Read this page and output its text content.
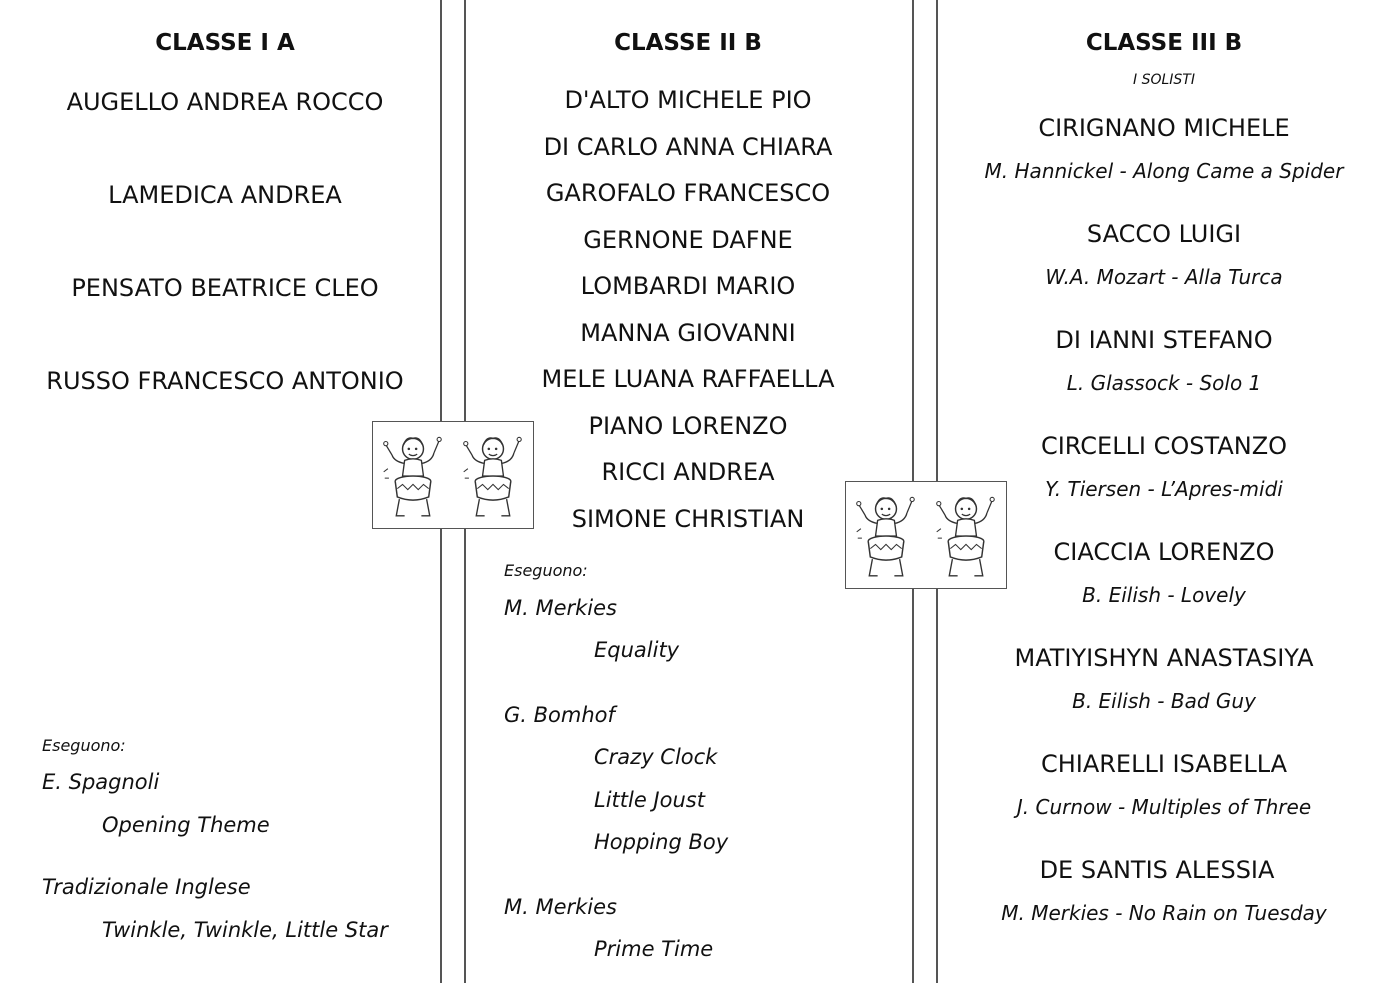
CLASSE I A
AUGELLO ANDREA ROCCO
LAMEDICA ANDREA
PENSATO BEATRICE CLEO
RUSSO FRANCESCO ANTONIO
Eseguono:
E. Spagnoli
Opening Theme
Tradizionale Inglese
Twinkle, Twinkle, Little Star
CLASSE II B
D'ALTO MICHELE PIO
DI CARLO ANNA CHIARA
GAROFALO FRANCESCO
GERNONE DAFNE
LOMBARDI MARIO
MANNA GIOVANNI
MELE LUANA RAFFAELLA
PIANO LORENZO
RICCI ANDREA
SIMONE CHRISTIAN
Eseguono:
M. Merkies
Equality
G. Bomhof
Crazy Clock
Little Joust
Hopping Boy
M. Merkies
Prime Time
CLASSE III B
I SOLISTI
CIRIGNANO MICHELE
M. Hannickel - Along Came a Spider
SACCO LUIGI
W.A. Mozart - Alla Turca
DI IANNI STEFANO
L. Glassock - Solo 1
CIRCELLI COSTANZO
Y. Tiersen - L’Apres-midi
CIACCIA LORENZO
B. Eilish - Lovely
MATIYISHYN ANASTASIYA
B. Eilish - Bad Guy
CHIARELLI ISABELLA
J. Curnow - Multiples of Three
DE SANTIS ALESSIA
M. Merkies - No Rain on Tuesday
